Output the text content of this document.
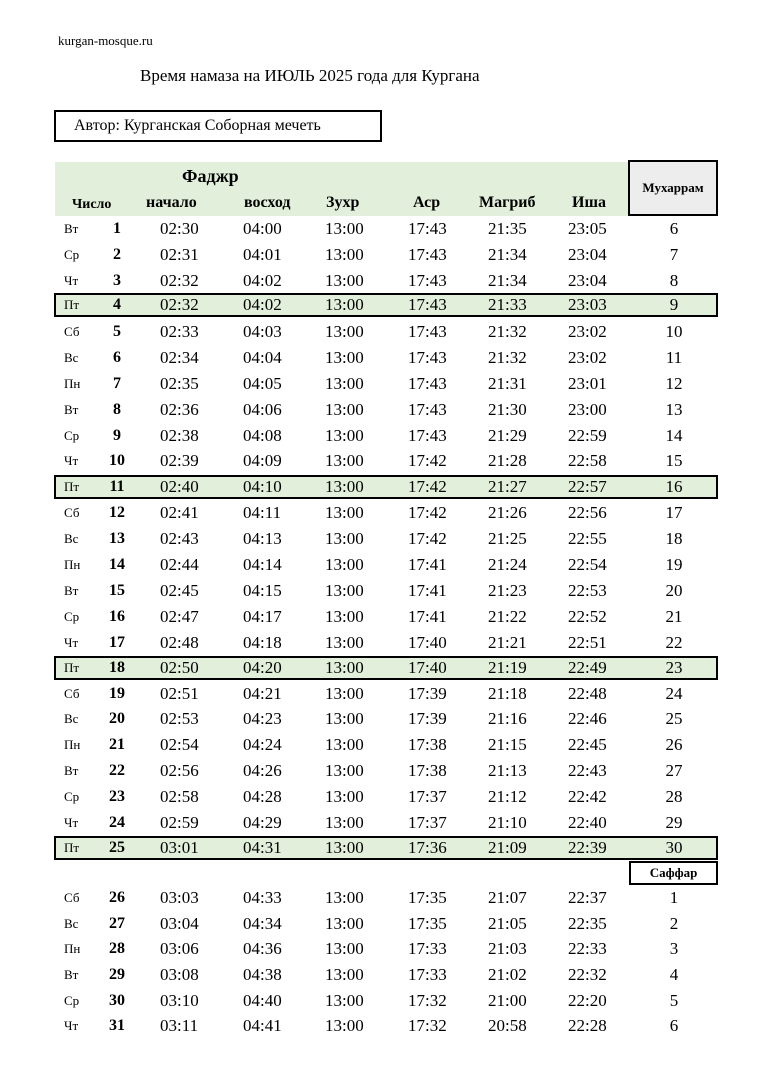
kurgan-mosque.ru
Время намаза на ИЮЛЬ 2025 года для Кургана
Автор: Курганская Соборная мечеть
Фаджр
Число начало	восход Зухр	Аср Магриб Иша
Мухаррам
Саффар
Вт	1	02:30	04:00	13:00	17:43 21:35 23:05	6
Ср	2	02:31	04:01	13:00	17:43 21:34 23:04	7
Чт	3	02:32	04:02	13:00	17:43 21:34 23:04	8
Пт	4	02:32	04:02	13:00	17:43 21:33 23:03	9
Сб	5	02:33	04:03	13:00	17:43 21:32 23:02	10
Вс	6	02:34	04:04	13:00	17:43 21:32 23:02	11
Пн	7	02:35	04:05	13:00	17:43 21:31 23:01	12
Вт	8	02:36	04:06	13:00	17:43 21:30 23:00	13
Ср	9	02:38	04:08	13:00	17:43 21:29 22:59	14
Чт	10	02:39	04:09	13:00	17:42 21:28 22:58	15
Пт	11	02:40	04:10	13:00	17:42 21:27 22:57	16
Сб	12	02:41	04:11	13:00	17:42 21:26 22:56	17
Вс	13	02:43	04:13	13:00	17:42 21:25 22:55	18
Пн	14	02:44	04:14	13:00	17:41 21:24 22:54	19
Вт	15	02:45	04:15	13:00	17:41 21:23 22:53	20
Ср	16	02:47	04:17	13:00	17:41 21:22 22:52	21
Чт	17	02:48	04:18	13:00	17:40 21:21 22:51	22
Пт	18	02:50	04:20	13:00	17:40 21:19 22:49	23
Сб	19	02:51	04:21	13:00	17:39 21:18 22:48	24
Вс	20	02:53	04:23	13:00	17:39 21:16 22:46	25
Пн	21	02:54	04:24	13:00	17:38 21:15 22:45	26
Вт	22	02:56	04:26	13:00	17:38 21:13 22:43	27
Ср	23	02:58	04:28	13:00	17:37 21:12 22:42	28
Чт	24	02:59	04:29	13:00	17:37 21:10 22:40	29
Пт	25	03:01	04:31	13:00	17:36 21:09 22:39	30
Сб	26	03:03	04:33	13:00	17:35 21:07 22:37	1
Вс	27	03:04	04:34	13:00	17:35 21:05 22:35	2
Пн	28	03:06	04:36	13:00	17:33 21:03 22:33	3
Вт	29	03:08	04:38	13:00	17:33 21:02 22:32	4
Ср	30	03:10	04:40	13:00	17:32 21:00 22:20	5
Чт	31	03:11	04:41	13:00	17:32 20:58 22:28	6
